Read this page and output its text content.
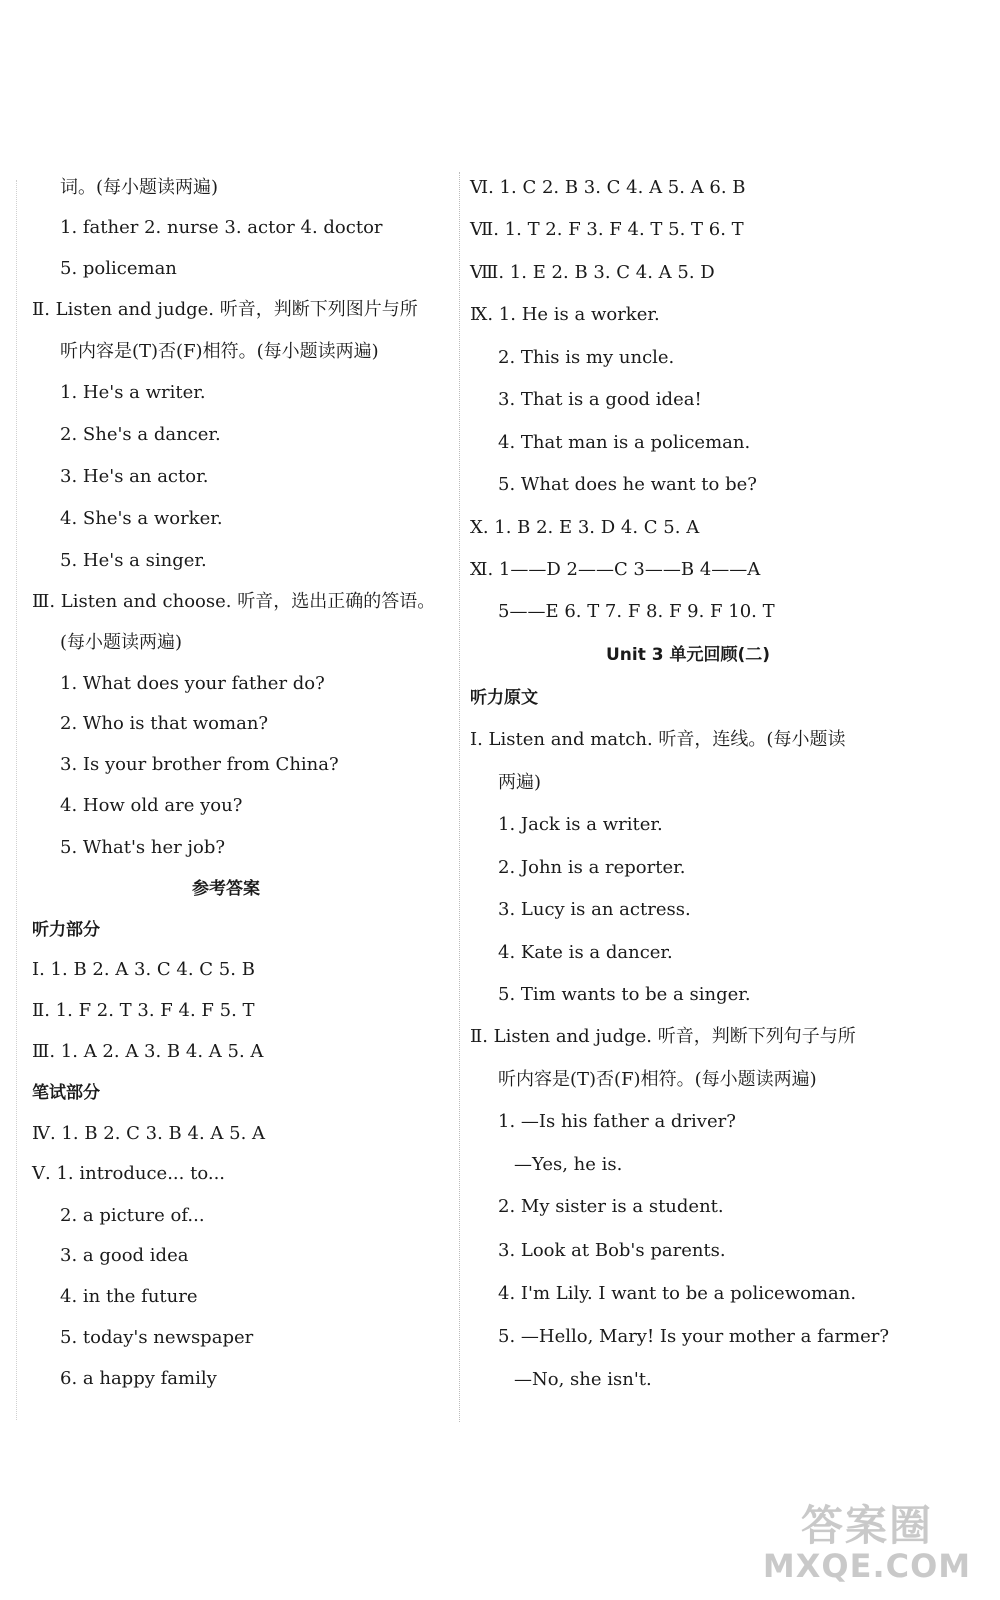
词。(每小题读两遍)
1. father 2. nurse 3. actor 4. doctor
5. policeman
Ⅱ. Listen and judge. 听音，判断下列图片与所
听内容是(T)否(F)相符。(每小题读两遍)
1. He's a writer.
2. She's a dancer.
3. He's an actor.
4. She's a worker.
5. He's a singer.
Ⅲ. Listen and choose. 听音，选出正确的答语。
(每小题读两遍)
1. What does your father do?
2. Who is that woman?
3. Is your brother from China?
4. How old are you?
5. What's her job?
参考答案
听力部分
Ⅰ. 1. B 2. A 3. C 4. C 5. B
Ⅱ. 1. F 2. T 3. F 4. F 5. T
Ⅲ. 1. A 2. A 3. B 4. A 5. A
笔试部分
Ⅳ. 1. B 2. C 3. B 4. A 5. A
Ⅴ. 1. introduce... to...
2. a picture of...
3. a good idea
4. in the future
5. today's newspaper
6. a happy family
Ⅵ. 1. C 2. B 3. C 4. A 5. A 6. B
Ⅶ. 1. T 2. F 3. F 4. T 5. T 6. T
Ⅷ. 1. E 2. B 3. C 4. A 5. D
Ⅸ. 1. He is a worker.
2. This is my uncle.
3. That is a good idea!
4. That man is a policeman.
5. What does he want to be?
Ⅹ. 1. B 2. E 3. D 4. C 5. A
Ⅺ. 1——D 2——C 3——B 4——A
5——E 6. T 7. F 8. F 9. F 10. T
Unit 3 单元回顾(二)
听力原文
Ⅰ. Listen and match. 听音，连线。(每小题读
两遍)
1. Jack is a writer.
2. John is a reporter.
3. Lucy is an actress.
4. Kate is a dancer.
5. Tim wants to be a singer.
Ⅱ. Listen and judge. 听音，判断下列句子与所
听内容是(T)否(F)相符。(每小题读两遍)
1. —Is his father a driver?
—Yes, he is.
2. My sister is a student.
3. Look at Bob's parents.
4. I'm Lily. I want to be a policewoman.
5. —Hello, Mary! Is your mother a farmer?
—No, she isn't.
答案圈
MXQE.COM
